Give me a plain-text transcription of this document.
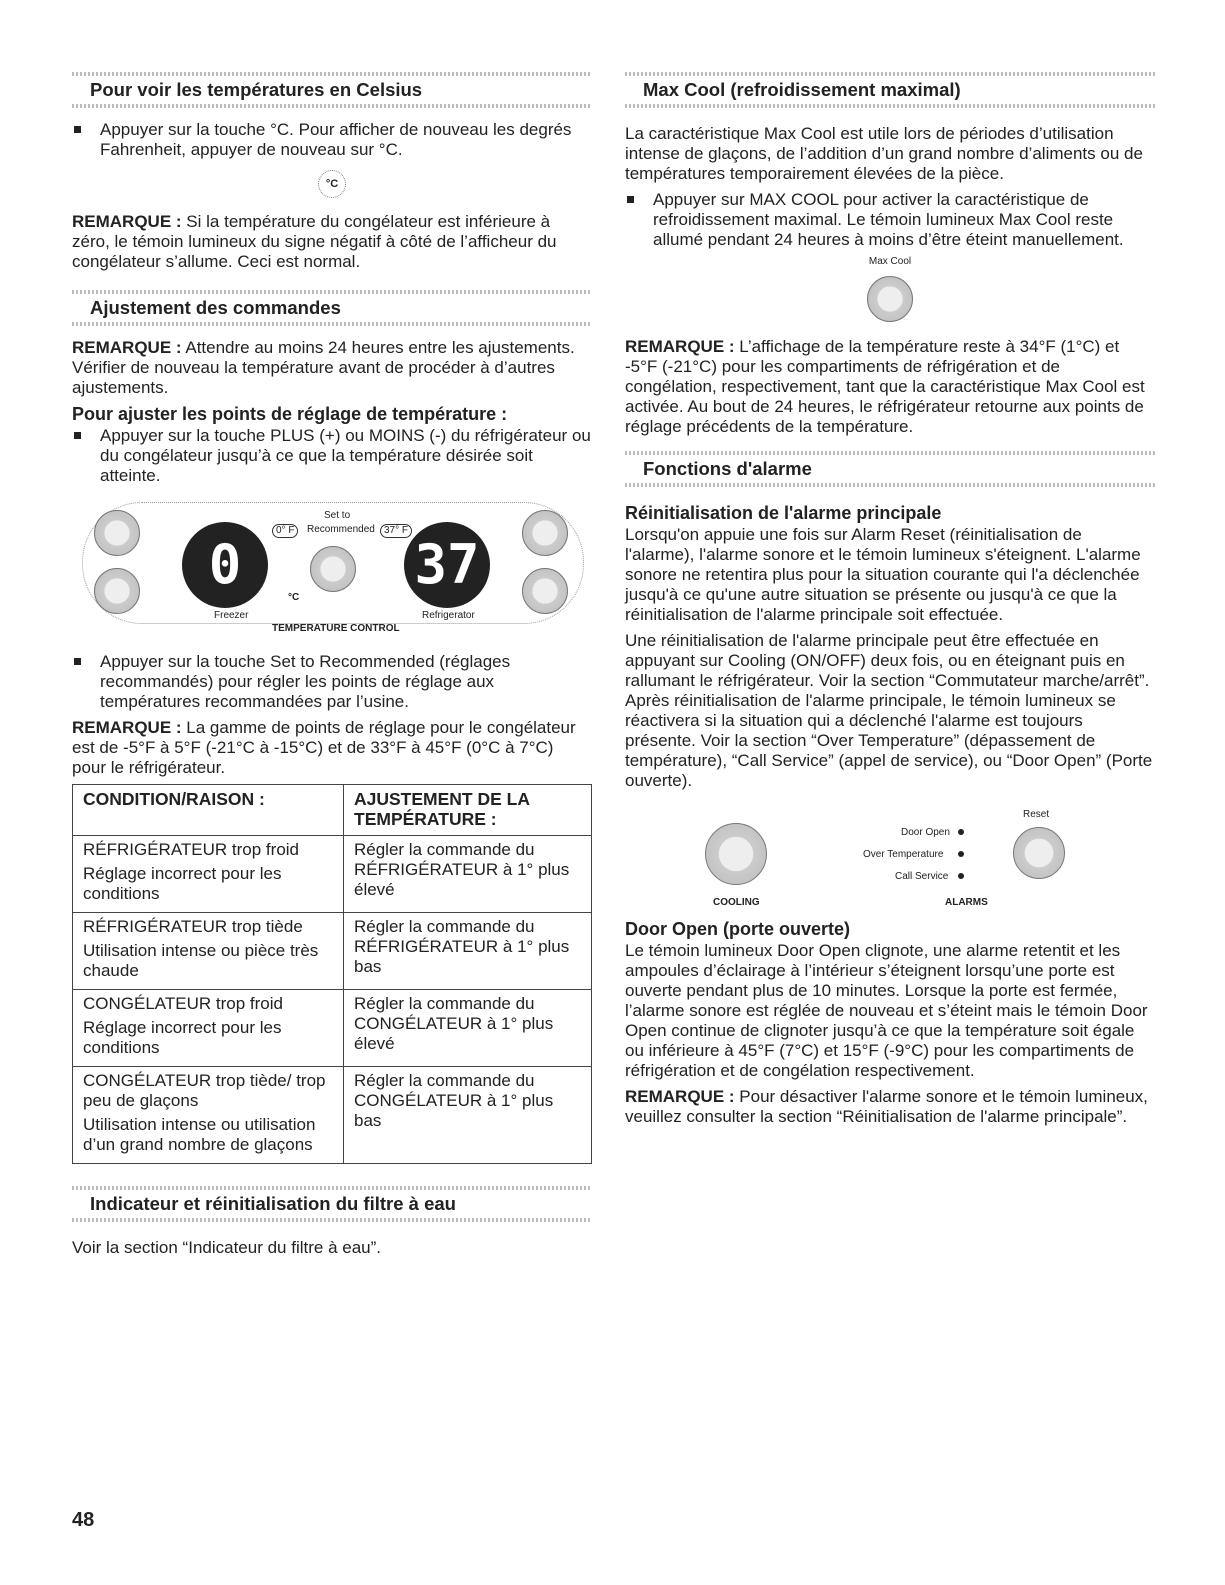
Pour voir les températures en Celsius
Appuyer sur la touche °C. Pour afficher de nouveau les degrés Fahrenheit, appuyer de nouveau sur °C.
°C

REMARQUE : Si la température du congélateur est inférieure à zéro, le témoin lumineux du signe négatif à côté de l’afficheur du congélateur s’allume. Ceci est normal.

Ajustement des commandes

REMARQUE : Attendre au moins 24 heures entre les ajustements. Vérifier de nouveau la température avant de procéder à d’autres ajustements.

Pour ajuster les points de réglage de température :
Appuyer sur la touche PLUS (+) ou MOINS (-) du réfrigérateur ou du congélateur jusqu’à ce que la température désirée soit atteinte.
0
Freezer
0° F
Set to
Recommended 37° F
°C
37
Refrigerator
TEMPERATURE CONTROL
Appuyer sur la touche Set to Recommended (réglages recommandés) pour régler les points de réglage aux températures recommandées par l’usine.

REMARQUE : La gamme de points de réglage pour le congélateur est de -5°F à 5°F (-21°C à -15°C) et de 33°F à 45°F (0°C à 7°C) pour le réfrigérateur.

CONDITION/RAISON :	AJUSTEMENT DE LA TEMPÉRATURE :

RÉFRIGÉRATEUR trop froid
Réglage incorrect pour les conditions	Régler la commande du RÉFRIGÉRATEUR à 1° plus élevé

RÉFRIGÉRATEUR trop tiède
Utilisation intense ou pièce très chaude	Régler la commande du RÉFRIGÉRATEUR à 1° plus bas

CONGÉLATEUR trop froid
Réglage incorrect pour les conditions	Régler la commande du CONGÉLATEUR à 1° plus élevé

CONGÉLATEUR trop tiède/ trop peu de glaçons
Utilisation intense ou utilisation d’un grand nombre de glaçons	Régler la commande du CONGÉLATEUR à 1° plus bas
Indicateur et réinitialisation du filtre à eau

Voir la section “Indicateur du filtre à eau”.

Max Cool (refroidissement maximal)

La caractéristique Max Cool est utile lors de périodes d’utilisation intense de glaçons, de l’addition d’un grand nombre d’aliments ou de températures temporairement élevées de la pièce.

Appuyer sur MAX COOL pour activer la caractéristique de refroidissement maximal. Le témoin lumineux Max Cool reste allumé pendant 24 heures à moins d’être éteint manuellement.
Max Cool

REMARQUE : L’affichage de la température reste à 34°F (1°C) et -5°F (-21°C) pour les compartiments de réfrigération et de congélation, respectivement, tant que la caractéristique Max Cool est activée. Au bout de 24 heures, le réfrigérateur retourne aux points de réglage précédents de la température.

Fonctions d'alarme
Réinitialisation de l'alarme principale

Lorsqu'on appuie une fois sur Alarm Reset (réinitialisation de l'alarme), l'alarme sonore et le témoin lumineux s'éteignent. L'alarme sonore ne retentira plus pour la situation courante qui l'a déclenchée jusqu'à ce qu'une autre situation se présente ou jusqu'à ce que la réinitialisation de l'alarme principale soit effectuée.

Une réinitialisation de l'alarme principale peut être effectuée en appuyant sur Cooling (ON/OFF) deux fois, ou en éteignant puis en rallumant le réfrigérateur. Voir la section “Commutateur marche/arrêt”. Après réinitialisation de l'alarme principale, le témoin lumineux se réactivera si la situation qui a déclenché l'alarme est toujours présente. Voir la section “Over Temperature” (dépassement de température), “Call Service” (appel de service), ou “Door Open” (Porte ouverte).

COOLING
Door Open
Over Temperature
Call Service
Reset
ALARMS
Door Open (porte ouverte)

Le témoin lumineux Door Open clignote, une alarme retentit et les ampoules d’éclairage à l’intérieur s’éteignent lorsqu’une porte est ouverte pendant plus de 10 minutes. Lorsque la porte est fermée, l’alarme sonore est réglée de nouveau et s’éteint mais le témoin Door Open continue de clignoter jusqu’à ce que la température soit égale ou inférieure à 45°F (7°C) et 15°F (-9°C) pour les compartiments de réfrigération et de congélation respectivement.

REMARQUE : Pour désactiver l'alarme sonore et le témoin lumineux, veuillez consulter la section “Réinitialisation de l'alarme principale”.

48
